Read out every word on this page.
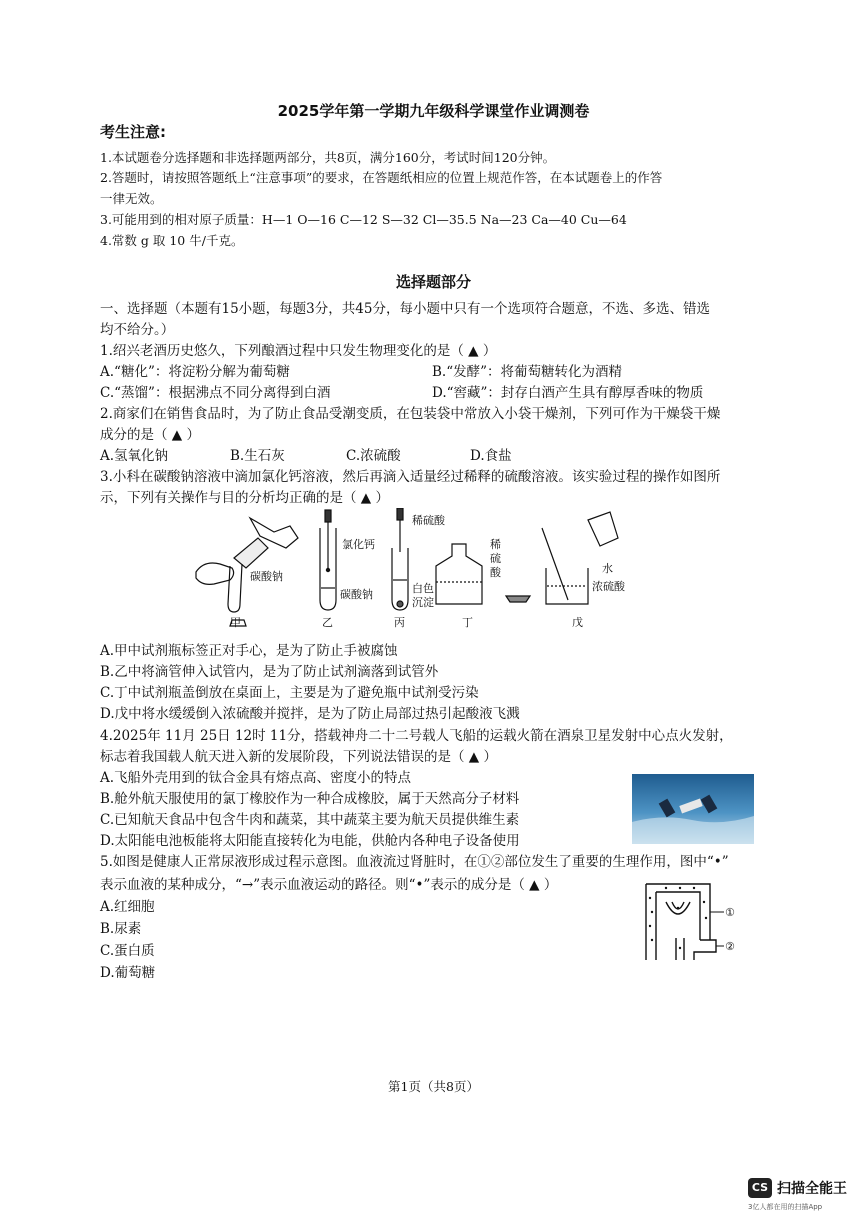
2025学年第一学期九年级科学课堂作业调测卷
考生注意:
1.本试题卷分选择题和非选择题两部分，共8页，满分160分，考试时间120分钟。
2.答题时，请按照答题纸上“注意事项”的要求，在答题纸相应的位置上规范作答，在本试题卷上的作答
一律无效。
3.可能用到的相对原子质量：H—1 O—16 C—12 S—32 Cl—35.5 Na—23 Ca—40 Cu—64
4.常数 g 取 10 牛/千克。
选择题部分
一、选择题（本题有15小题，每题3分，共45分，每小题中只有一个选项符合题意，不选、多选、错选
均不给分。）
1.绍兴老酒历史悠久，下列酿酒过程中只发生物理变化的是（ ▲ ）
A.“糖化”：将淀粉分解为葡萄糖	B.“发酵”：将葡萄糖转化为酒精
C.“蒸馏”：根据沸点不同分离得到白酒	D.“窖藏”：封存白酒产生具有醇厚香味的物质
2.商家们在销售食品时，为了防止食品受潮变质，在包装袋中常放入小袋干燥剂，下列可作为干燥袋干燥
成分的是（ ▲ ）
A.氢氧化钠	B.生石灰	C.浓硫酸	D.食盐
3.小科在碳酸钠溶液中滴加氯化钙溶液，然后再滴入适量经过稀释的硫酸溶液。该实验过程的操作如图所
示，下列有关操作与目的分析均正确的是（ ▲ ）
碳酸钠
氯化钙
碳酸钠
稀硫酸
白色
沉淀
稀
硫
酸	水
浓硫酸
甲	乙	丙	丁	戊
A.甲中试剂瓶标签正对手心，是为了防止手被腐蚀
B.乙中将滴管伸入试管内，是为了防止试剂滴落到试管外
C.丁中试剂瓶盖倒放在桌面上，主要是为了避免瓶中试剂受污染
D.戊中将水缓缓倒入浓硫酸并搅拌，是为了防止局部过热引起酸液飞溅
4.2025年 11月 25日 12时 11分，搭载神舟二十二号载人飞船的运载火箭在酒泉卫星发射中心点火发射，
标志着我国载人航天进入新的发展阶段，下列说法错误的是（ ▲ ）
A.飞船外壳用到的钛合金具有熔点高、密度小的特点
B.舱外航天服使用的氯丁橡胶作为一种合成橡胶，属于天然高分子材料
C.已知航天食品中包含牛肉和蔬菜，其中蔬菜主要为航天员提供维生素
D.太阳能电池板能将太阳能直接转化为电能，供舱内各种电子设备使用
5.如图是健康人正常尿液形成过程示意图。血液流过肾脏时，在①②部位发生了重要的生理作用，图中“•”
表示血液的某种成分，“→”表示血液运动的路径。则“•”表示的成分是（ ▲ ）
A.红细胞
B.尿素
C.蛋白质
D.葡萄糖
①
②
第1页（共8页）
CS 扫描全能王
3亿人都在用的扫描App
